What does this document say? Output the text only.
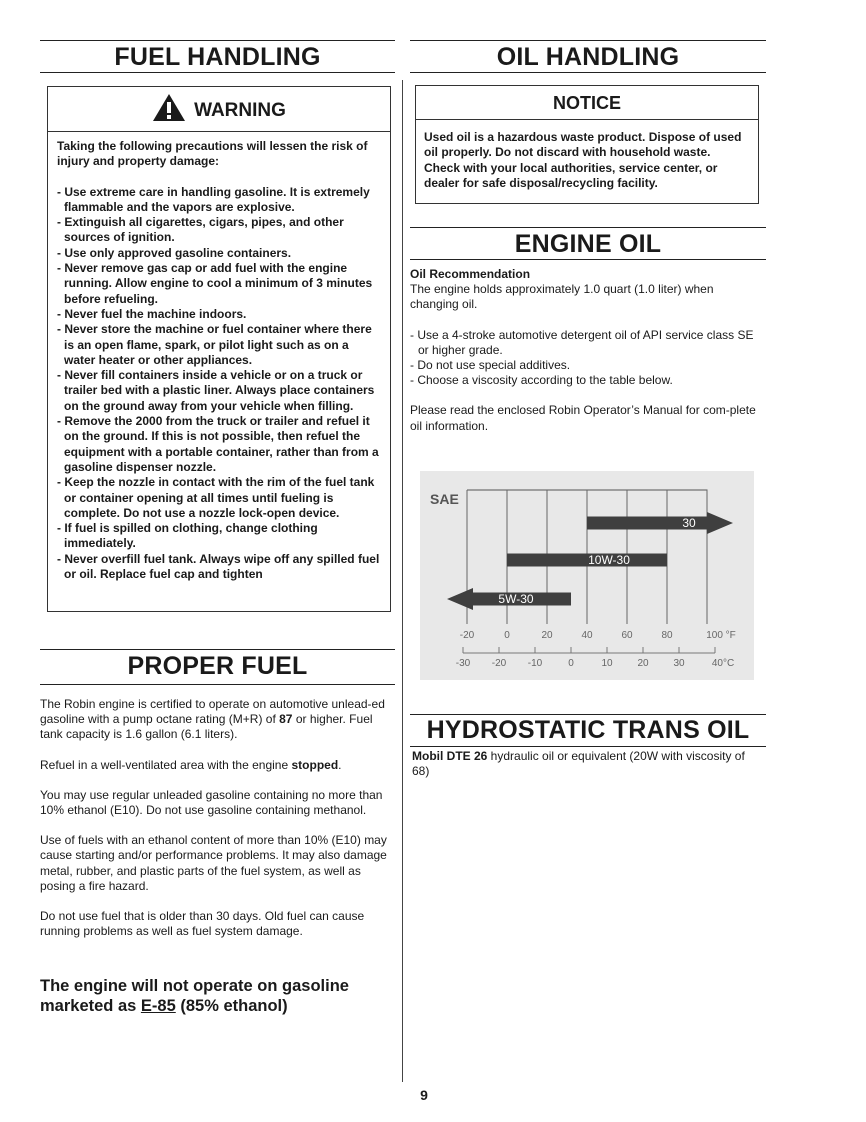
FUEL HANDLING
WARNING

Taking the following precautions will lessen the risk of injury and property damage:

- Use extreme care in handling gasoline. It is extremely flammable and the vapors are explosive.

- Extinguish all cigarettes, cigars, pipes, and other sources of ignition.

- Use only approved gasoline containers.

- Never remove gas cap or add fuel with the engine running. Allow engine to cool a minimum of 3 minutes before refueling.

- Never fuel the machine indoors.

- Never store the machine or fuel container where there is an open flame, spark, or pilot light such as on a water heater or other appliances.

- Never fill containers inside a vehicle or on a truck or trailer bed with a plastic liner. Always place containers on the ground away from your vehicle when filling.

- Remove the 2000 from the truck or trailer and refuel it on the ground. If this is not possible, then refuel the equipment with a portable container, rather than from a gasoline dispenser nozzle.

- Keep the nozzle in contact with the rim of the fuel tank or container opening at all times until fueling is complete. Do not use a nozzle lock-open device.

- If fuel is spilled on clothing, change clothing immediately.

- Never overfill fuel tank. Always wipe off any spilled fuel or oil. Replace fuel cap and tighten

PROPER FUEL

The Robin engine is certified to operate on automotive unlead-ed gasoline with a pump octane rating (M+R) of 87 or higher. Fuel tank capacity is 1.6 gallon (6.1 liters).

Refuel in a well-ventilated area with the engine stopped.

You may use regular unleaded gasoline containing no more than 10% ethanol (E10). Do not use gasoline containing methanol.

Use of fuels with an ethanol content of more than 10% (E10) may cause starting and/or performance problems. It may also damage metal, rubber, and plastic parts of the fuel system, as well as posing a fire hazard.

Do not use fuel that is older than 30 days. Old fuel can cause running problems as well as fuel system damage.

The engine will not operate on gasoline marketed as E-85 (85% ethanol)
OIL HANDLING
NOTICE
Used oil is a hazardous waste product. Dispose of used oil properly. Do not discard with household waste. Check with your local authorities, service center, or dealer for safe disposal/recycling facility.
ENGINE OIL

Oil Recommendation

The engine holds approximately 1.0 quart (1.0 liter) when changing oil.

- Use a 4-stroke automotive detergent oil of API service class SE or higher grade.

- Do not use special additives.

- Choose a viscosity according to the table below.

Please read the enclosed Robin Operator’s Manual for com-plete oil information.

SAE
30
10W-30
5W-30
-20	0	20	40	60	80	100 °F
-30 -20 -10	0	10 20 30	40°C
HYDROSTATIC TRANS OIL
Mobil DTE 26 hydraulic oil or equivalent (20W with viscosity of 68)
9
